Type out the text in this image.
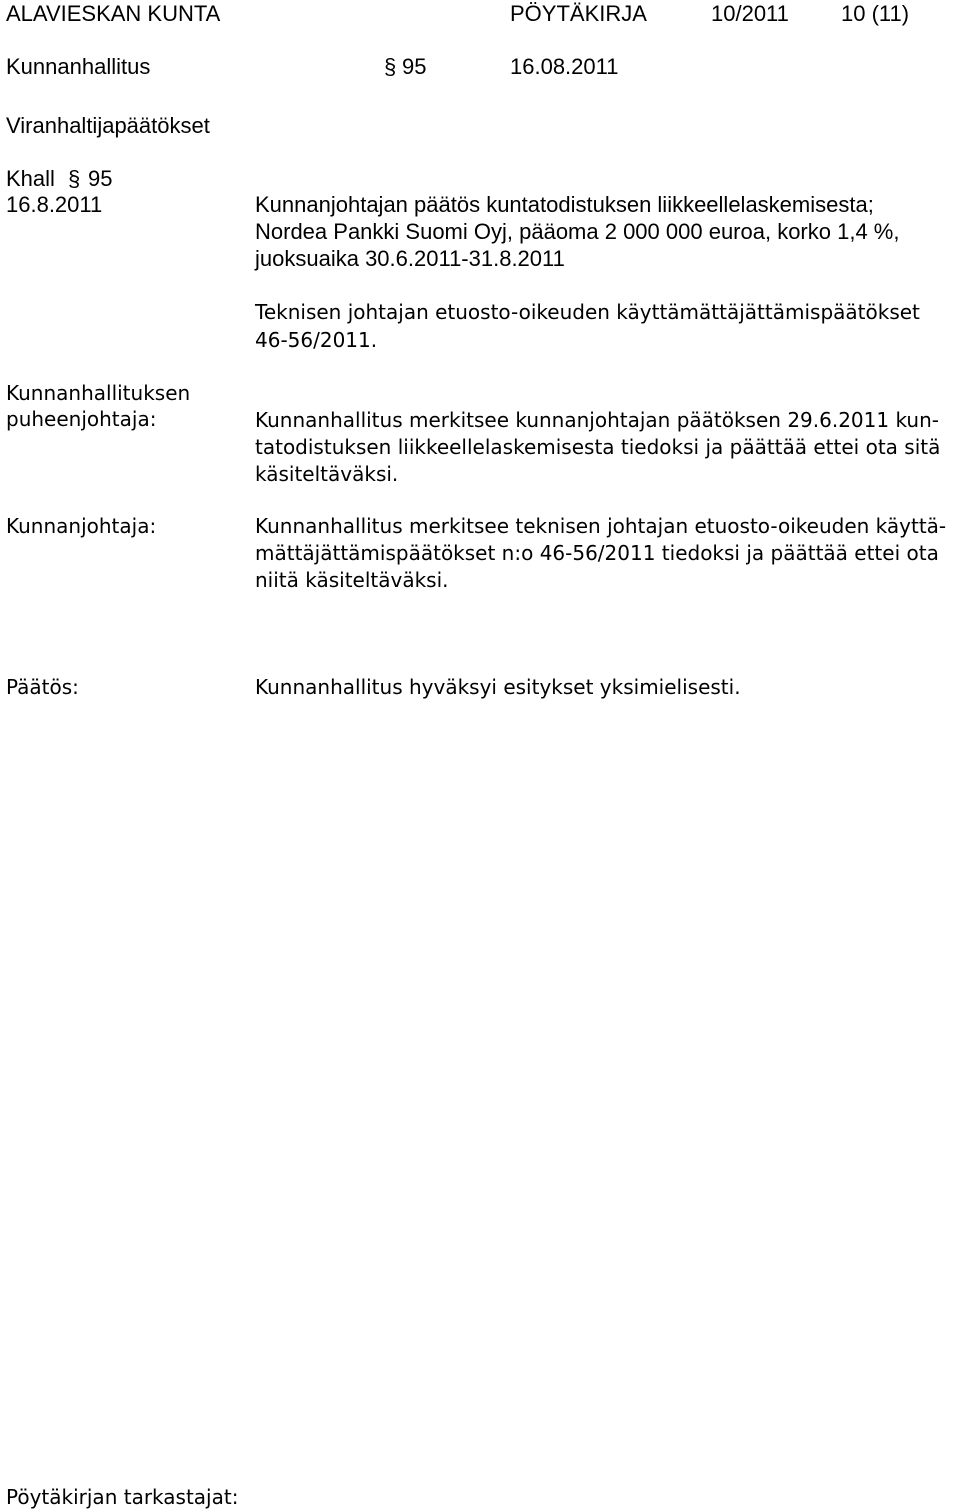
ALAVIESKAN KUNTA	PÖYTÄKIRJA	10/2011 10 (11)
Kunnanhallitus	§ 95	16.08.2011
Viranhaltijapäätökset
Khall § 95
16.8.2011	Kunnanjohtajan päätös kuntatodistuksen liikkeellelaskemisesta;
Nordea Pankki Suomi Oyj, pääoma 2 000 000 euroa, korko 1,4 %,
juoksuaika 30.6.2011-31.8.2011
Teknisen johtajan etuosto-oikeuden käyttämättäjättämispäätökset
46-56/2011.
Kunnanhallituksen
puheenjohtaja:	Kunnanhallitus merkitsee kunnanjohtajan päätöksen 29.6.2011 kun-
tatodistuksen liikkeellelaskemisesta tiedoksi ja päättää ettei ota sitä
käsiteltäväksi.
Kunnanjohtaja:	Kunnanhallitus merkitsee teknisen johtajan etuosto-oikeuden käyttä-
mättäjättämispäätökset n:o 46-56/2011 tiedoksi ja päättää ettei ota
niitä käsiteltäväksi.
Päätös:	Kunnanhallitus hyväksyi esitykset yksimielisesti.
Pöytäkirjan tarkastajat:
